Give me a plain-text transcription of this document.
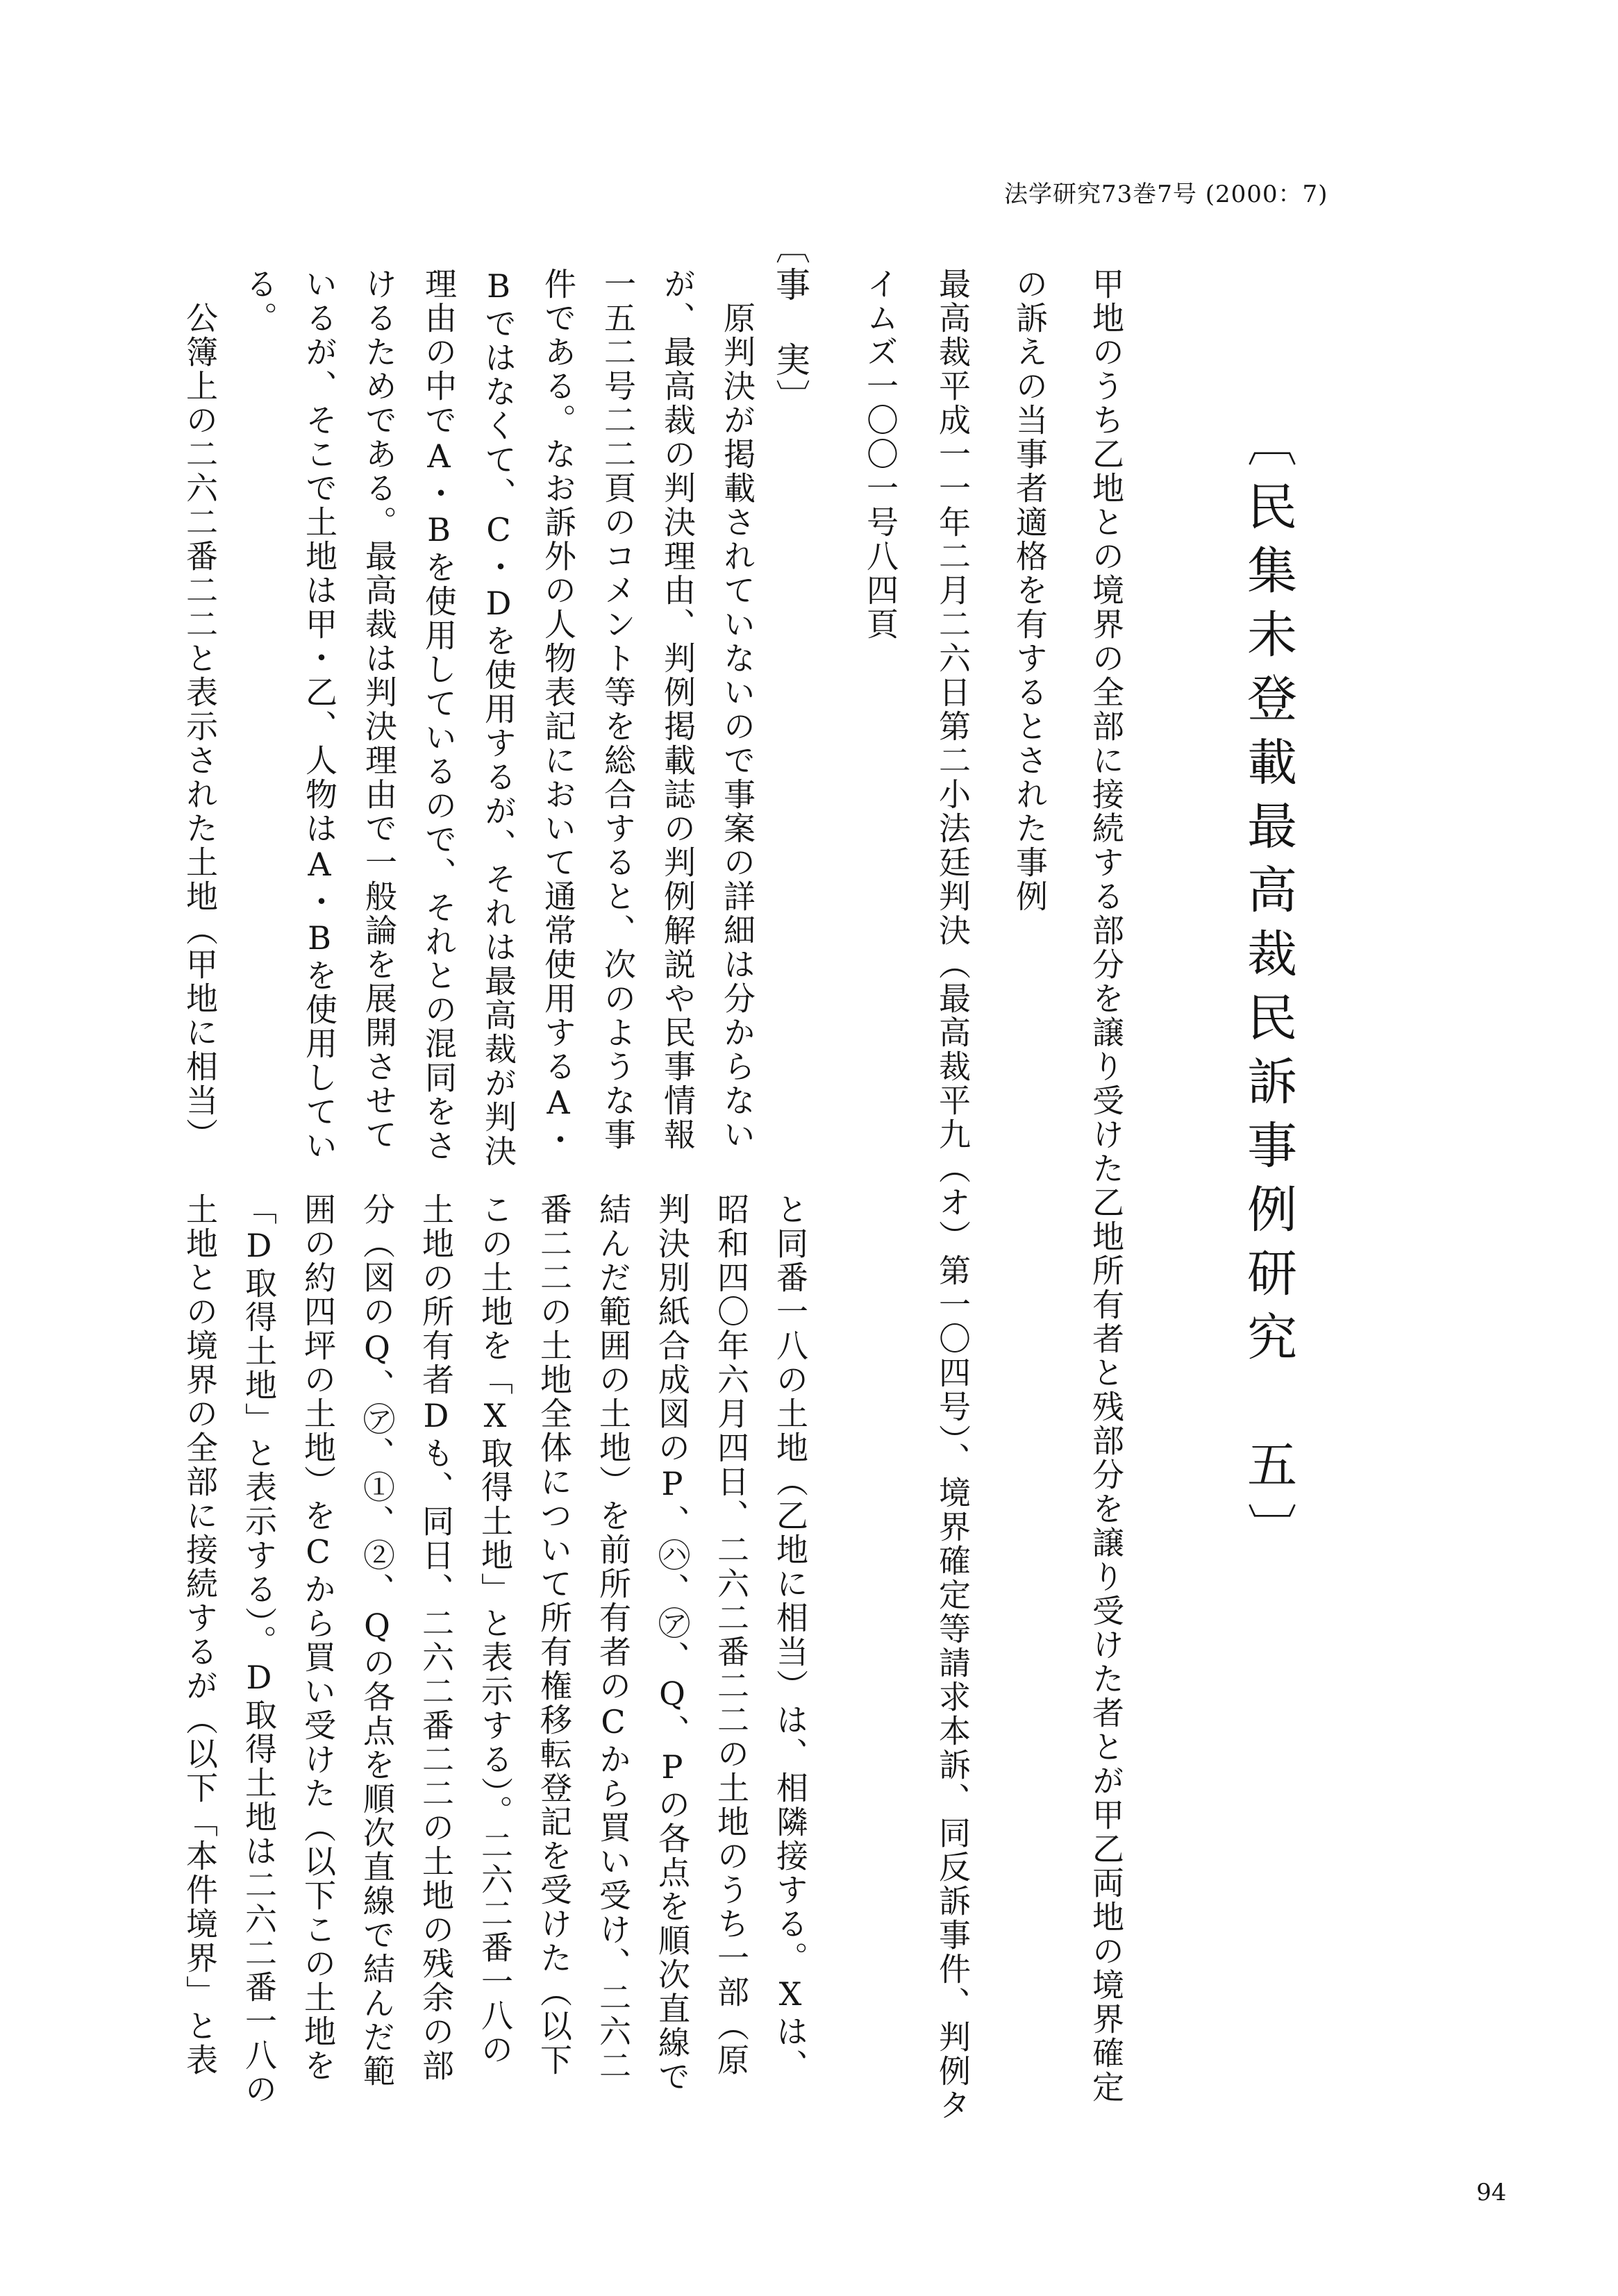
法学研究73巻7号 (2000：7)
〔民集未登載最高裁民訴事例研究　五〕
甲地のうち乙地との境界の全部に接続する部分を譲り受けた乙地所有者と残部分を譲り受けた者とが甲乙両地の境界確定
の訴えの当事者適格を有するとされた事例
最高裁平成一一年二月二六日第二小法廷判決（最高裁平九（オ）第一〇四号）、境界確定等請求本訴、同反訴事件、判例タ
イムズ一〇〇一号八四頁
〔事　実〕
　原判決が掲載されていないので事案の詳細は分からない
が、最高裁の判決理由、判例掲載誌の判例解説や民事情報
一五二号二二頁のコメント等を総合すると、次のような事
件である。なお訴外の人物表記において通常使用するA・
Bではなくて、C・Dを使用するが、それは最高裁が判決
理由の中でA・Bを使用しているので、それとの混同をさ
けるためである。最高裁は判決理由で一般論を展開させて
いるが、そこで土地は甲・乙、人物はA・Bを使用してい
る。
　公簿上の二六二番二二と表示された土地（甲地に相当）
と同番一八の土地（乙地に相当）は、相隣接する。Xは、
昭和四〇年六月四日、二六二番二二の土地のうち一部（原
判決別紙合成図のP、㋩、㋐、Q、Pの各点を順次直線で
結んだ範囲の土地）を前所有者のCから買い受け、二六二
番二二の土地全体について所有権移転登記を受けた（以下
この土地を「X取得土地」と表示する）。二六二番一八の
土地の所有者Dも、同日、二六二番二二の土地の残余の部
分（図のQ、㋐、①、②、Qの各点を順次直線で結んだ範
囲の約四坪の土地）をCから買い受けた（以下この土地を
「D取得土地」と表示する）。D取得土地は二六二番一八の
土地との境界の全部に接続するが（以下「本件境界」と表
94
